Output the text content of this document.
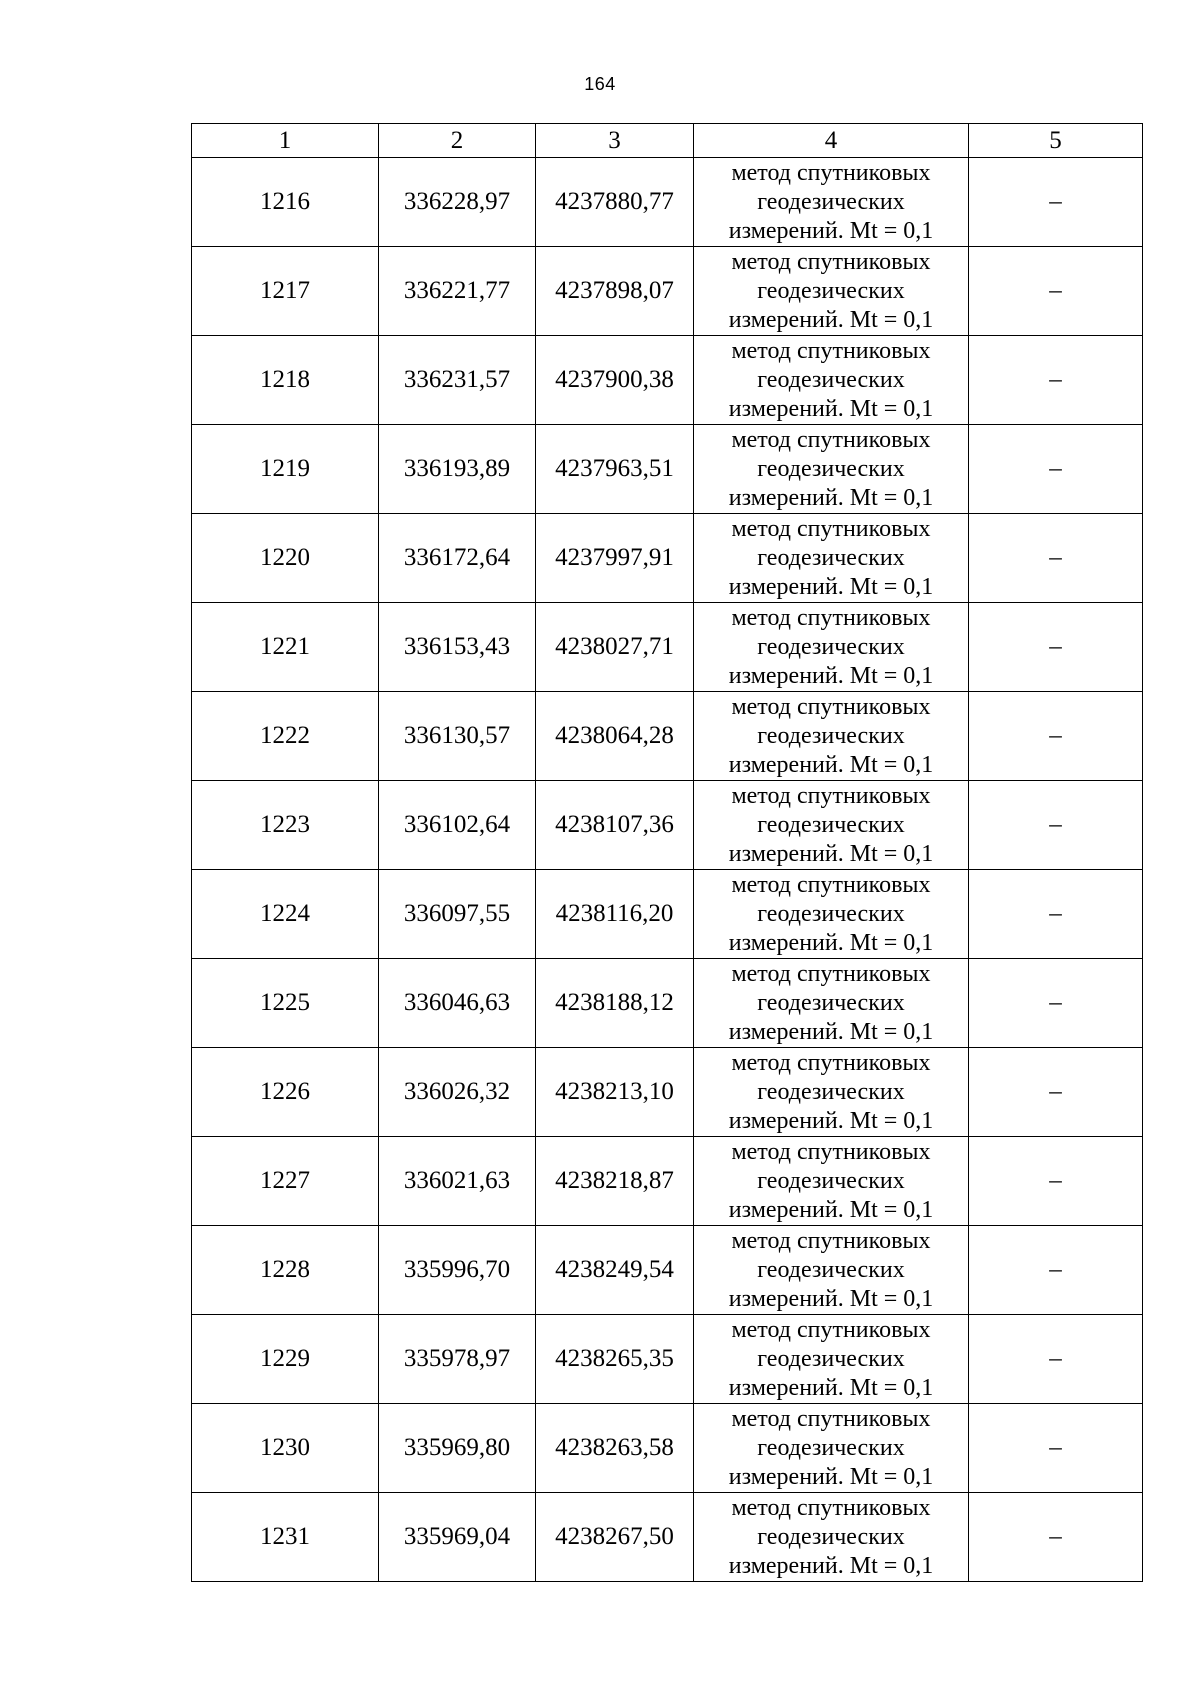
164
1	2	3	4	5
1216	336228,97	4237880,77	метод спутниковых
геодезических
измерений. Mt = 0,1	–
1217	336221,77	4237898,07	метод спутниковых
геодезических
измерений. Mt = 0,1	–
1218	336231,57	4237900,38	метод спутниковых
геодезических
измерений. Mt = 0,1	–
1219	336193,89	4237963,51	метод спутниковых
геодезических
измерений. Mt = 0,1	–
1220	336172,64	4237997,91	метод спутниковых
геодезических
измерений. Mt = 0,1	–
1221	336153,43	4238027,71	метод спутниковых
геодезических
измерений. Mt = 0,1	–
1222	336130,57	4238064,28	метод спутниковых
геодезических
измерений. Mt = 0,1	–
1223	336102,64	4238107,36	метод спутниковых
геодезических
измерений. Mt = 0,1	–
1224	336097,55	4238116,20	метод спутниковых
геодезических
измерений. Mt = 0,1	–
1225	336046,63	4238188,12	метод спутниковых
геодезических
измерений. Mt = 0,1	–
1226	336026,32	4238213,10	метод спутниковых
геодезических
измерений. Mt = 0,1	–
1227	336021,63	4238218,87	метод спутниковых
геодезических
измерений. Mt = 0,1	–
1228	335996,70	4238249,54	метод спутниковых
геодезических
измерений. Mt = 0,1	–
1229	335978,97	4238265,35	метод спутниковых
геодезических
измерений. Mt = 0,1	–
1230	335969,80	4238263,58	метод спутниковых
геодезических
измерений. Mt = 0,1	–
1231	335969,04	4238267,50	метод спутниковых
геодезических
измерений. Mt = 0,1	–
